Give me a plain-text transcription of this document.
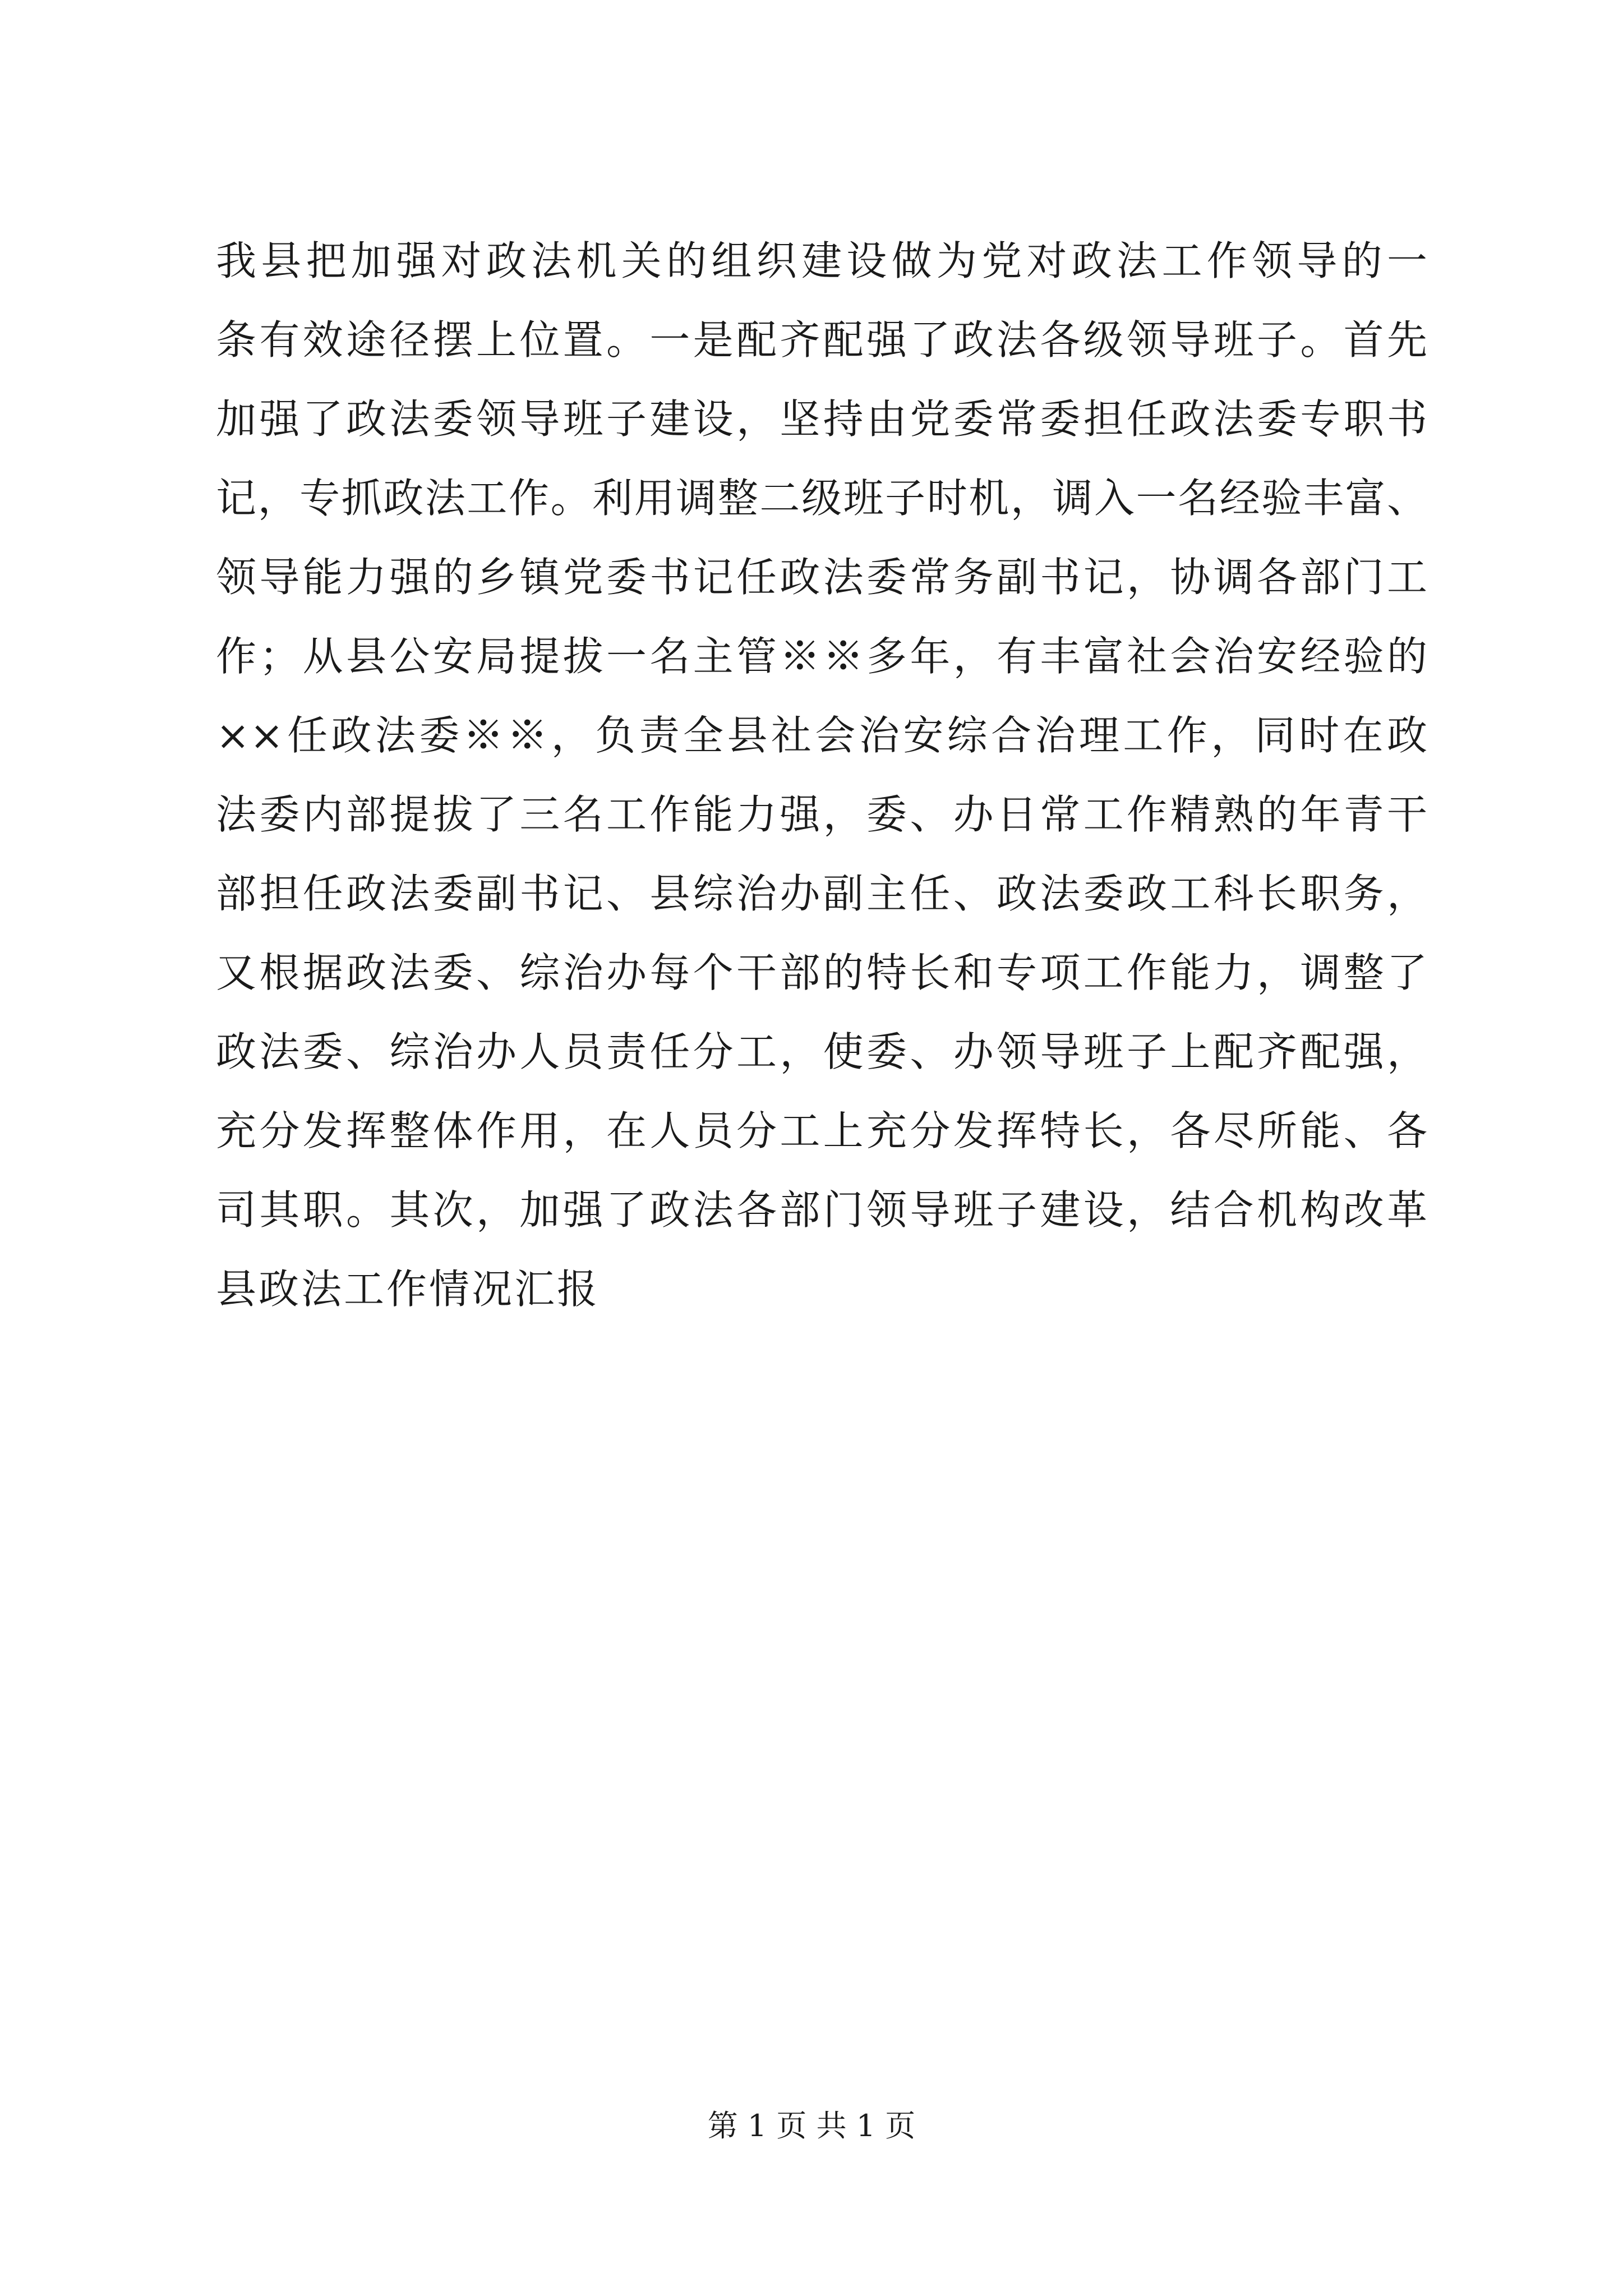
我县把加强对政法机关的组织建设做为党对政法工作领导的一
条有效途径摆上位置。一是配齐配强了政法各级领导班子。首先
加强了政法委领导班子建设，坚持由党委常委担任政法委专职书
记，专抓政法工作。利用调整二级班子时机，调入一名经验丰富、
领导能力强的乡镇党委书记任政法委常务副书记，协调各部门工
作；从县公安局提拔一名主管※※多年，有丰富社会治安经验的
××任政法委※※，负责全县社会治安综合治理工作，同时在政
法委内部提拔了三名工作能力强，委、办日常工作精熟的年青干
部担任政法委副书记、县综治办副主任、政法委政工科长职务，
又根据政法委、综治办每个干部的特长和专项工作能力，调整了
政法委、综治办人员责任分工，使委、办领导班子上配齐配强，
充分发挥整体作用，在人员分工上充分发挥特长，各尽所能、各
司其职。其次，加强了政法各部门领导班子建设，结合机构改革
县政法工作情况汇报
第 1 页 共 1 页
